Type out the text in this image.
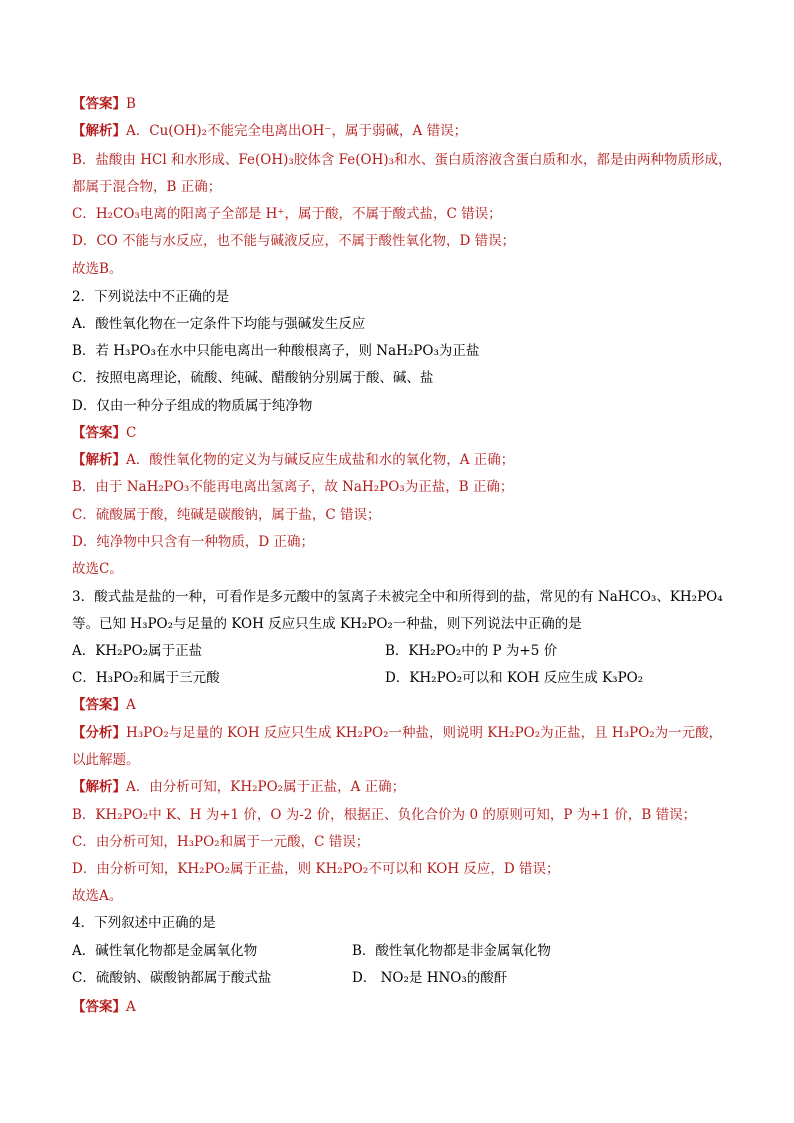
【答案】B
【解析】A．Cu(OH)₂不能完全电离出OH⁻，属于弱碱，A 错误；
B．盐酸由 HCl 和水形成、Fe(OH)₃胶体含 Fe(OH)₃和水、蛋白质溶液含蛋白质和水，都是由两种物质形成，
都属于混合物，B 正确；
C．H₂CO₃电离的阳离子全部是 H⁺，属于酸，不属于酸式盐，C 错误；
D．CO 不能与水反应，也不能与碱液反应，不属于酸性氧化物，D 错误；
故选B。
2．下列说法中不正确的是
A．酸性氧化物在一定条件下均能与强碱发生反应
B．若 H₃PO₃在水中只能电离出一种酸根离子，则 NaH₂PO₃为正盐
C．按照电离理论，硫酸、纯碱、醋酸钠分别属于酸、碱、盐
D．仅由一种分子组成的物质属于纯净物
【答案】C
【解析】A．酸性氧化物的定义为与碱反应生成盐和水的氧化物，A 正确；
B．由于 NaH₂PO₃不能再电离出氢离子，故 NaH₂PO₃为正盐，B 正确；
C．硫酸属于酸，纯碱是碳酸钠，属于盐，C 错误；
D．纯净物中只含有一种物质，D 正确；
故选C。
3．酸式盐是盐的一种，可看作是多元酸中的氢离子未被完全中和所得到的盐，常见的有 NaHCO₃、KH₂PO₄
等。已知 H₃PO₂与足量的 KOH 反应只生成 KH₂PO₂一种盐，则下列说法中正确的是
A．KH₂PO₂属于正盐	B．KH₂PO₂中的 P 为+5 价
C．H₃PO₂和属于三元酸	D．KH₂PO₂可以和 KOH 反应生成 K₃PO₂
【答案】A
【分析】H₃PO₂与足量的 KOH 反应只生成 KH₂PO₂一种盐，则说明 KH₂PO₂为正盐，且 H₃PO₂为一元酸，
以此解题。
【解析】A．由分析可知，KH₂PO₂属于正盐，A 正确；
B．KH₂PO₂中 K、H 为+1 价，O 为-2 价，根据正、负化合价为 0 的原则可知，P 为+1 价，B 错误；
C．由分析可知，H₃PO₂和属于一元酸，C 错误；
D．由分析可知，KH₂PO₂属于正盐，则 KH₂PO₂不可以和 KOH 反应，D 错误；
故选A。
4．下列叙述中正确的是
A．碱性氧化物都是金属氧化物	B．酸性氧化物都是非金属氧化物
C．硫酸钠、碳酸钠都属于酸式盐	D． NO₂是 HNO₃的酸酐
【答案】A
